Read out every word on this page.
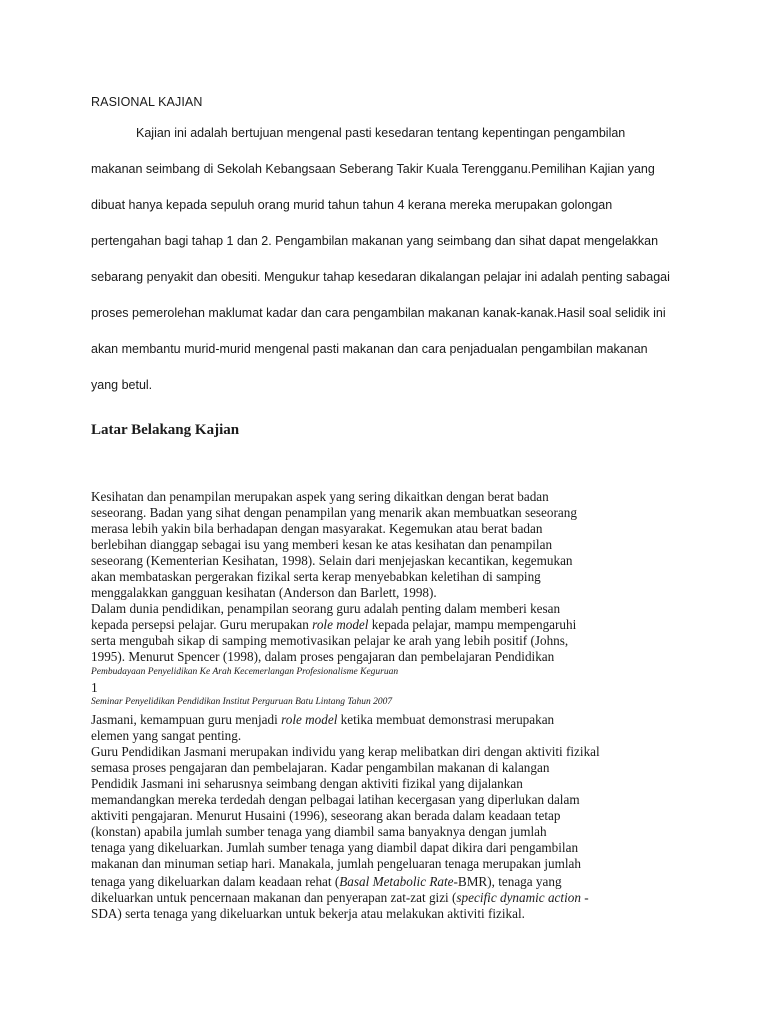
RASIONAL KAJIAN
Kajian ini adalah bertujuan mengenal pasti kesedaran tentang kepentingan pengambilan
makanan seimbang di Sekolah Kebangsaan Seberang Takir Kuala Terengganu.Pemilihan Kajian yang
dibuat hanya kepada sepuluh orang murid tahun tahun 4 kerana mereka merupakan golongan
pertengahan bagi tahap 1 dan 2. Pengambilan makanan yang seimbang dan sihat dapat mengelakkan
sebarang penyakit dan obesiti. Mengukur tahap kesedaran dikalangan pelajar ini adalah penting sabagai
proses pemerolehan maklumat kadar dan cara pengambilan makanan kanak-kanak.Hasil soal selidik ini
akan membantu murid-murid mengenal pasti makanan dan cara penjadualan pengambilan makanan
yang betul.
Latar Belakang Kajian
Kesihatan dan penampilan merupakan aspek yang sering dikaitkan dengan berat badan
seseorang. Badan yang sihat dengan penampilan yang menarik akan membuatkan seseorang
merasa lebih yakin bila berhadapan dengan masyarakat. Kegemukan atau berat badan
berlebihan dianggap sebagai isu yang memberi kesan ke atas kesihatan dan penampilan
seseorang (Kementerian Kesihatan, 1998). Selain dari menjejaskan kecantikan, kegemukan
akan membataskan pergerakan fizikal serta kerap menyebabkan keletihan di samping
menggalakkan gangguan kesihatan (Anderson dan Barlett, 1998).
Dalam dunia pendidikan, penampilan seorang guru adalah penting dalam memberi kesan
kepada persepsi pelajar. Guru merupakan role model kepada pelajar, mampu mempengaruhi
serta mengubah sikap di samping memotivasikan pelajar ke arah yang lebih positif (Johns,
1995). Menurut Spencer (1998), dalam proses pengajaran dan pembelajaran Pendidikan
Pembudayaan Penyelidikan Ke Arah Kecemerlangan Profesionalisme Keguruan
1
Seminar Penyelidikan Pendidikan Institut Perguruan Batu Lintang Tahun 2007
Jasmani, kemampuan guru menjadi role model ketika membuat demonstrasi merupakan
elemen yang sangat penting.
Guru Pendidikan Jasmani merupakan individu yang kerap melibatkan diri dengan aktiviti fizikal
semasa proses pengajaran dan pembelajaran. Kadar pengambilan makanan di kalangan
Pendidik Jasmani ini seharusnya seimbang dengan aktiviti fizikal yang dijalankan
memandangkan mereka terdedah dengan pelbagai latihan kecergasan yang diperlukan dalam
aktiviti pengajaran. Menurut Husaini (1996), seseorang akan berada dalam keadaan tetap
(konstan) apabila jumlah sumber tenaga yang diambil sama banyaknya dengan jumlah
tenaga yang dikeluarkan. Jumlah sumber tenaga yang diambil dapat dikira dari pengambilan
makanan dan minuman setiap hari. Manakala, jumlah pengeluaran tenaga merupakan jumlah
tenaga yang dikeluarkan dalam keadaan rehat (Basal Metabolic Rate-BMR), tenaga yang
dikeluarkan untuk pencernaan makanan dan penyerapan zat-zat gizi (specific dynamic action -
SDA) serta tenaga yang dikeluarkan untuk bekerja atau melakukan aktiviti fizikal.
